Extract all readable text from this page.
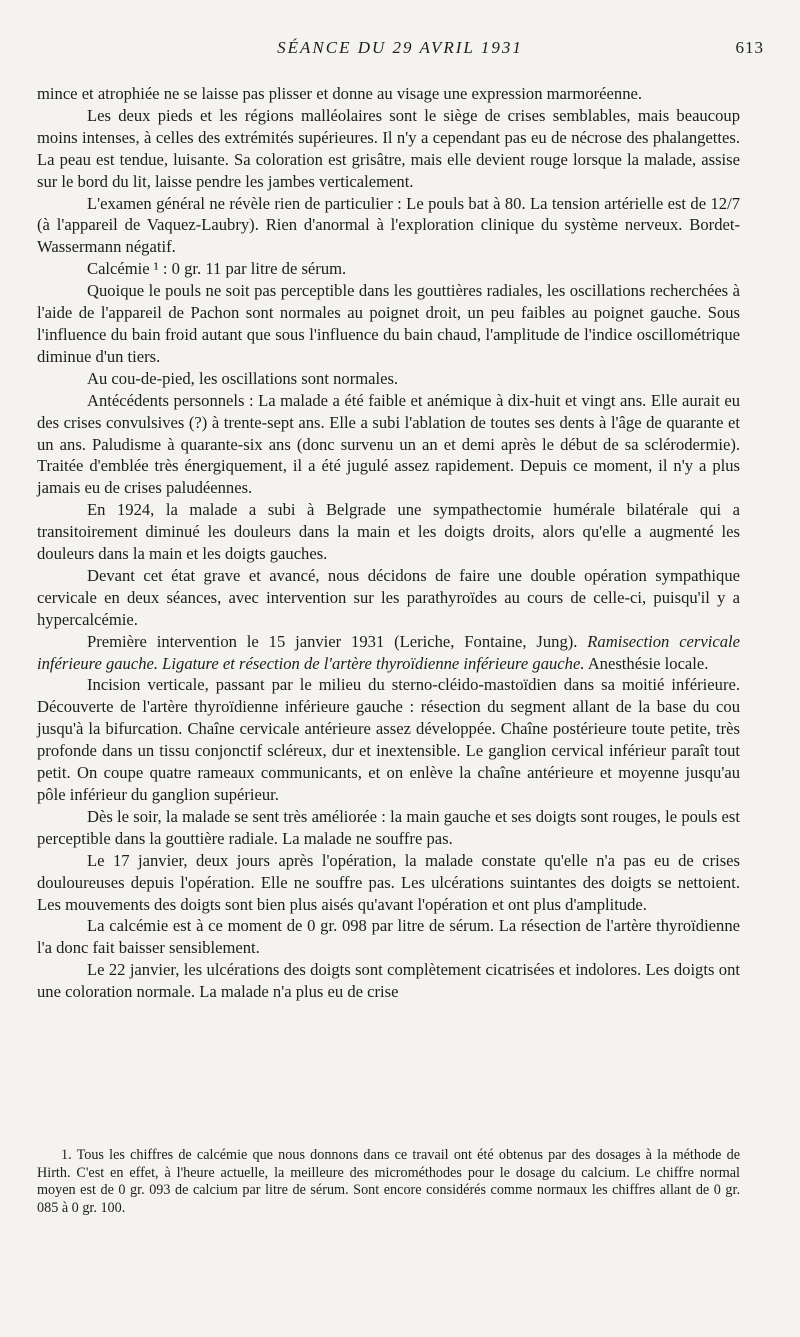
SÉANCE DU 29 AVRIL 1931	613

mince et atrophiée ne se laisse pas plisser et donne au visage une expression marmoréenne.

Les deux pieds et les régions malléolaires sont le siège de crises semblables, mais beaucoup moins intenses, à celles des extrémités supérieures. Il n'y a cependant pas eu de nécrose des phalangettes. La peau est tendue, luisante. Sa coloration est grisâtre, mais elle devient rouge lorsque la malade, assise sur le bord du lit, laisse pendre les jambes verticalement.

L'examen général ne révèle rien de particulier : Le pouls bat à 80. La tension artérielle est de 12/7 (à l'appareil de Vaquez-Laubry). Rien d'anormal à l'exploration clinique du système nerveux. Bordet-Wassermann négatif.

Calcémie ¹ : 0 gr. 11 par litre de sérum.

Quoique le pouls ne soit pas perceptible dans les gouttières radiales, les oscillations recherchées à l'aide de l'appareil de Pachon sont normales au poignet droit, un peu faibles au poignet gauche. Sous l'influence du bain froid autant que sous l'influence du bain chaud, l'amplitude de l'indice oscillométrique diminue d'un tiers.

Au cou-de-pied, les oscillations sont normales.

Antécédents personnels : La malade a été faible et anémique à dix-huit et vingt ans. Elle aurait eu des crises convulsives (?) à trente-sept ans. Elle a subi l'ablation de toutes ses dents à l'âge de quarante et un ans. Paludisme à quarante-six ans (donc survenu un an et demi après le début de sa sclérodermie). Traitée d'emblée très énergiquement, il a été jugulé assez rapidement. Depuis ce moment, il n'y a plus jamais eu de crises paludéennes.

En 1924, la malade a subi à Belgrade une sympathectomie humérale bilatérale qui a transitoirement diminué les douleurs dans la main et les doigts droits, alors qu'elle a augmenté les douleurs dans la main et les doigts gauches.

Devant cet état grave et avancé, nous décidons de faire une double opération sympathique cervicale en deux séances, avec intervention sur les parathyroïdes au cours de celle-ci, puisqu'il y a hypercalcémie.

Première intervention le 15 janvier 1931 (Leriche, Fontaine, Jung). Ramisection cervicale inférieure gauche. Ligature et résection de l'artère thyroïdienne inférieure gauche. Anesthésie locale.

Incision verticale, passant par le milieu du sterno-cléido-mastoïdien dans sa moitié inférieure. Découverte de l'artère thyroïdienne inférieure gauche : résection du segment allant de la base du cou jusqu'à la bifurcation. Chaîne cervicale antérieure assez développée. Chaîne postérieure toute petite, très profonde dans un tissu conjonctif scléreux, dur et inextensible. Le ganglion cervical inférieur paraît tout petit. On coupe quatre rameaux communicants, et on enlève la chaîne antérieure et moyenne jusqu'au pôle inférieur du ganglion supérieur.

Dès le soir, la malade se sent très améliorée : la main gauche et ses doigts sont rouges, le pouls est perceptible dans la gouttière radiale. La malade ne souffre pas.

Le 17 janvier, deux jours après l'opération, la malade constate qu'elle n'a pas eu de crises douloureuses depuis l'opération. Elle ne souffre pas. Les ulcérations suintantes des doigts se nettoient. Les mouvements des doigts sont bien plus aisés qu'avant l'opération et ont plus d'amplitude.

La calcémie est à ce moment de 0 gr. 098 par litre de sérum. La résection de l'artère thyroïdienne l'a donc fait baisser sensiblement.

Le 22 janvier, les ulcérations des doigts sont complètement cicatrisées et indolores. Les doigts ont une coloration normale. La malade n'a plus eu de crise

1. Tous les chiffres de calcémie que nous donnons dans ce travail ont été obtenus par des dosages à la méthode de Hirth. C'est en effet, à l'heure actuelle, la meilleure des microméthodes pour le dosage du calcium. Le chiffre normal moyen est de 0 gr. 093 de calcium par litre de sérum. Sont encore considérés comme normaux les chiffres allant de 0 gr. 085 à 0 gr. 100.
